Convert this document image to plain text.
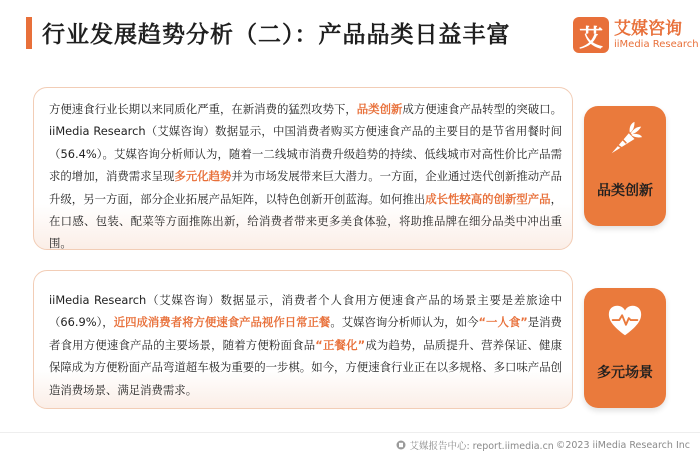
行业发展趋势分析（二）：产品品类日益丰富	艾 艾媒咨询
iiMedia Research
方便速食行业长期以来同质化严重，在新消费的猛烈攻势下，品类创新成方便速食产品转型的突破口。iiMedia Research（艾媒咨询）数据显示，中国消费者购买方便速食产品的主要目的是节省用餐时间（56.4%）。艾媒咨询分析师认为，随着一二线城市消费升级趋势的持续、低线城市对高性价比产品需求的增加，消费需求呈现多元化趋势并为市场发展带来巨大潜力。一方面，企业通过迭代创新推动产品升级，另一方面，部分企业拓展产品矩阵，以特色创新开创蓝海。如何推出成长性较高的创新型产品，在口感、包装、配菜等方面推陈出新，给消费者带来更多美食体验，将助推品牌在细分品类中冲出重围。
品类创新
iiMedia Research（艾媒咨询）数据显示，消费者个人食用方便速食产品的场景主要是差旅途中（66.9%），近四成消费者将方便速食产品视作日常正餐。艾媒咨询分析师认为，如今“一人食”是消费者食用方便速食产品的主要场景，随着方便粉面食品“正餐化”成为趋势，品质提升、营养保证、健康保障成为方便粉面产品弯道超车极为重要的一步棋。如今，方便速食行业正在以多规格、多口味产品创造消费场景、满足消费需求。
多元场景
艾媒报告中心: report.iimedia.cn ©2023 iiMedia Research Inc
